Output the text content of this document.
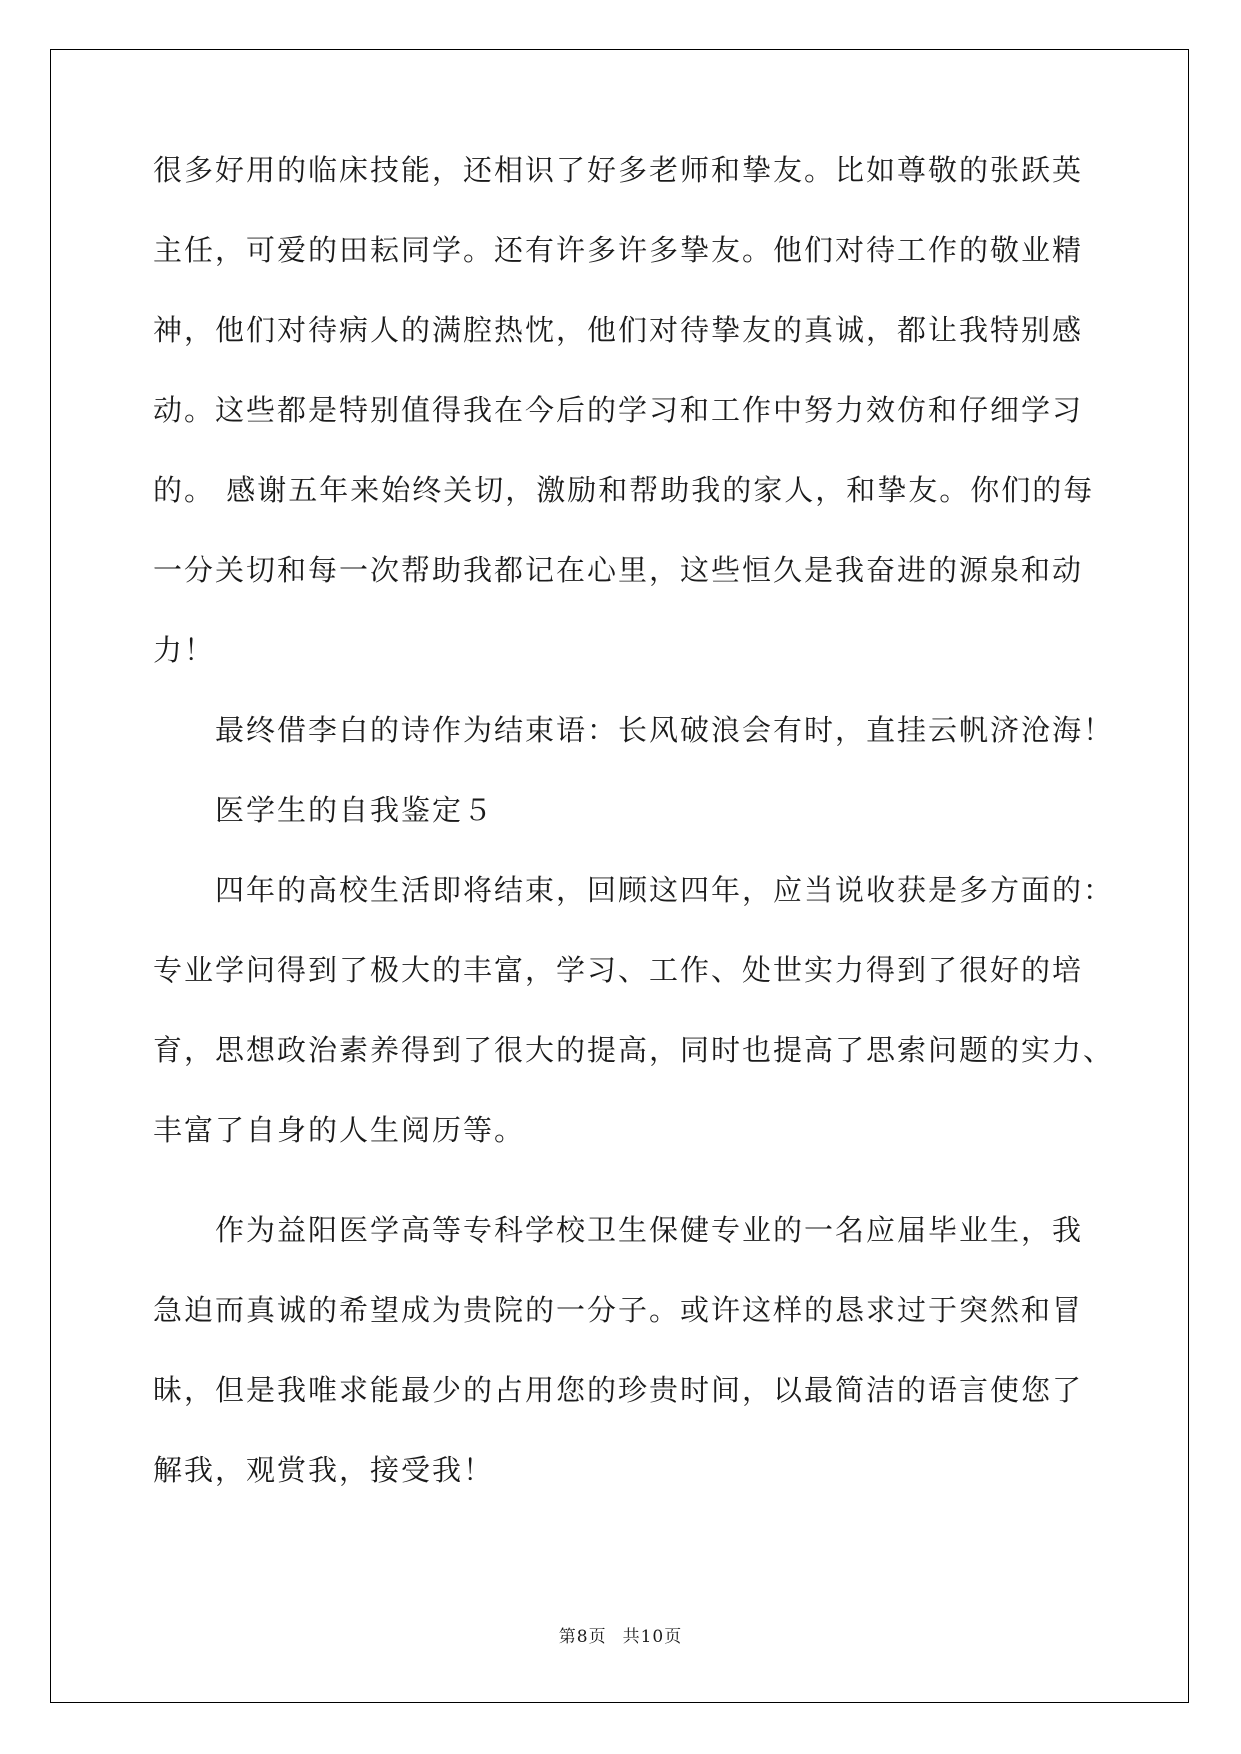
很多好用的临床技能，还相识了好多老师和挚友。比如尊敬的张跃英
主任，可爱的田耘同学。还有许多许多挚友。他们对待工作的敬业精
神，他们对待病人的满腔热忱，他们对待挚友的真诚，都让我特别感
动。这些都是特别值得我在今后的学习和工作中努力效仿和仔细学习
的。 感谢五年来始终关切，激励和帮助我的家人，和挚友。你们的每
一分关切和每一次帮助我都记在心里，这些恒久是我奋进的源泉和动
力！
最终借李白的诗作为结束语：长风破浪会有时，直挂云帆济沧海！
医学生的自我鉴定５
四年的高校生活即将结束，回顾这四年，应当说收获是多方面的：
专业学问得到了极大的丰富，学习、工作、处世实力得到了很好的培
育，思想政治素养得到了很大的提高，同时也提高了思索问题的实力、
丰富了自身的人生阅历等。
作为益阳医学高等专科学校卫生保健专业的一名应届毕业生，我
急迫而真诚的希望成为贵院的一分子。或许这样的恳求过于突然和冒
昧，但是我唯求能最少的占用您的珍贵时间，以最简洁的语言使您了
解我，观赏我，接受我！
第8页 共10页
